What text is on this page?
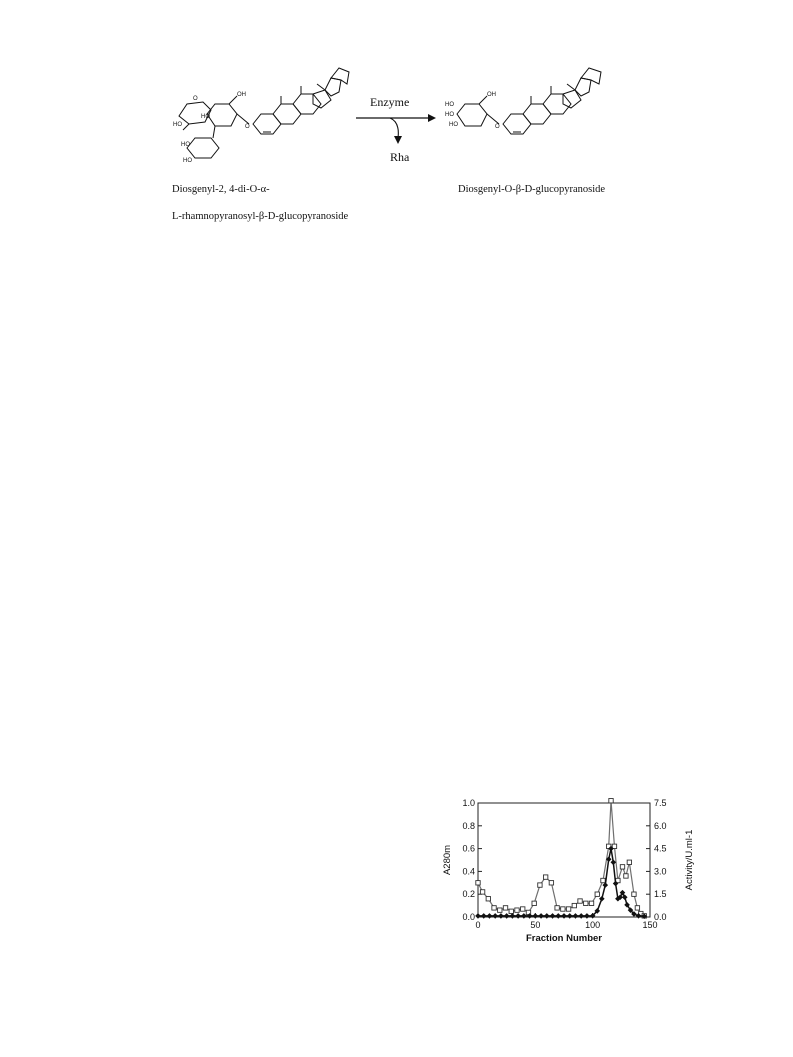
O
OH
HO
HO
HO
HO
O
Enzyme
Rha
HO
HO
HO
OH
O
Diosgenyl-2, 4-di-O-α-
L-rhamnopyranosyl-β-D-glucopyranoside
Diosgenyl-O-β-D-glucopyranoside
0	50	100	150
0.0
0.2
0.4
0.6
0.8
1.0
0.0
1.5
3.0
4.5
6.0
7.5
Fraction Number
A280m	Activity/U.ml-1
